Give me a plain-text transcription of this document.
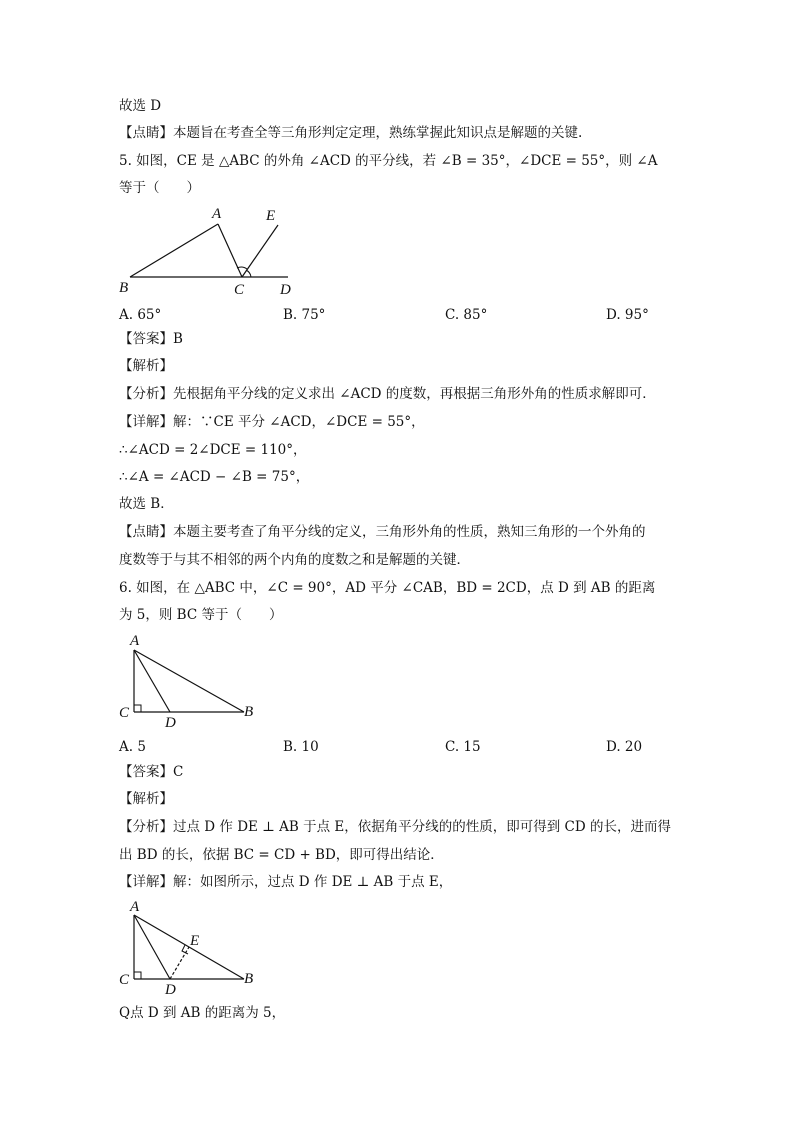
故选 D
【点睛】本题旨在考查全等三角形判定定理，熟练掌握此知识点是解题的关键.
5. 如图，CE 是 △ABC 的外角 ∠ACD 的平分线，若 ∠B = 35°，∠DCE = 55°，则 ∠A
等于（　　）
A	E
B	C D
A. 65°	B. 75°	C. 85°	D. 95°
【答案】B
【解析】
【分析】先根据角平分线的定义求出 ∠ACD 的度数，再根据三角形外角的性质求解即可．
【详解】解：∵CE 平分 ∠ACD，∠DCE = 55°，
∴∠ACD = 2∠DCE = 110°，
∴∠A = ∠ACD − ∠B = 75°，
故选 B．
【点睛】本题主要考查了角平分线的定义，三角形外角的性质，熟知三角形的一个外角的
度数等于与其不相邻的两个内角的度数之和是解题的关键．
6. 如图，在 △ABC 中，∠C = 90°，AD 平分 ∠CAB，BD = 2CD，点 D 到 AB 的距离
为 5，则 BC 等于（　　）
A
C
D
B
A. 5	B. 10	C. 15	D. 20
【答案】C
【解析】
【分析】过点 D 作 DE ⊥ AB 于点 E，依据角平分线的的性质，即可得到 CD 的长，进而得
出 BD 的长，依据 BC = CD + BD，即可得出结论．
【详解】解：如图所示，过点 D 作 DE ⊥ AB 于点 E，
A
E
C
D
B
Q点 D 到 AB 的距离为 5，
